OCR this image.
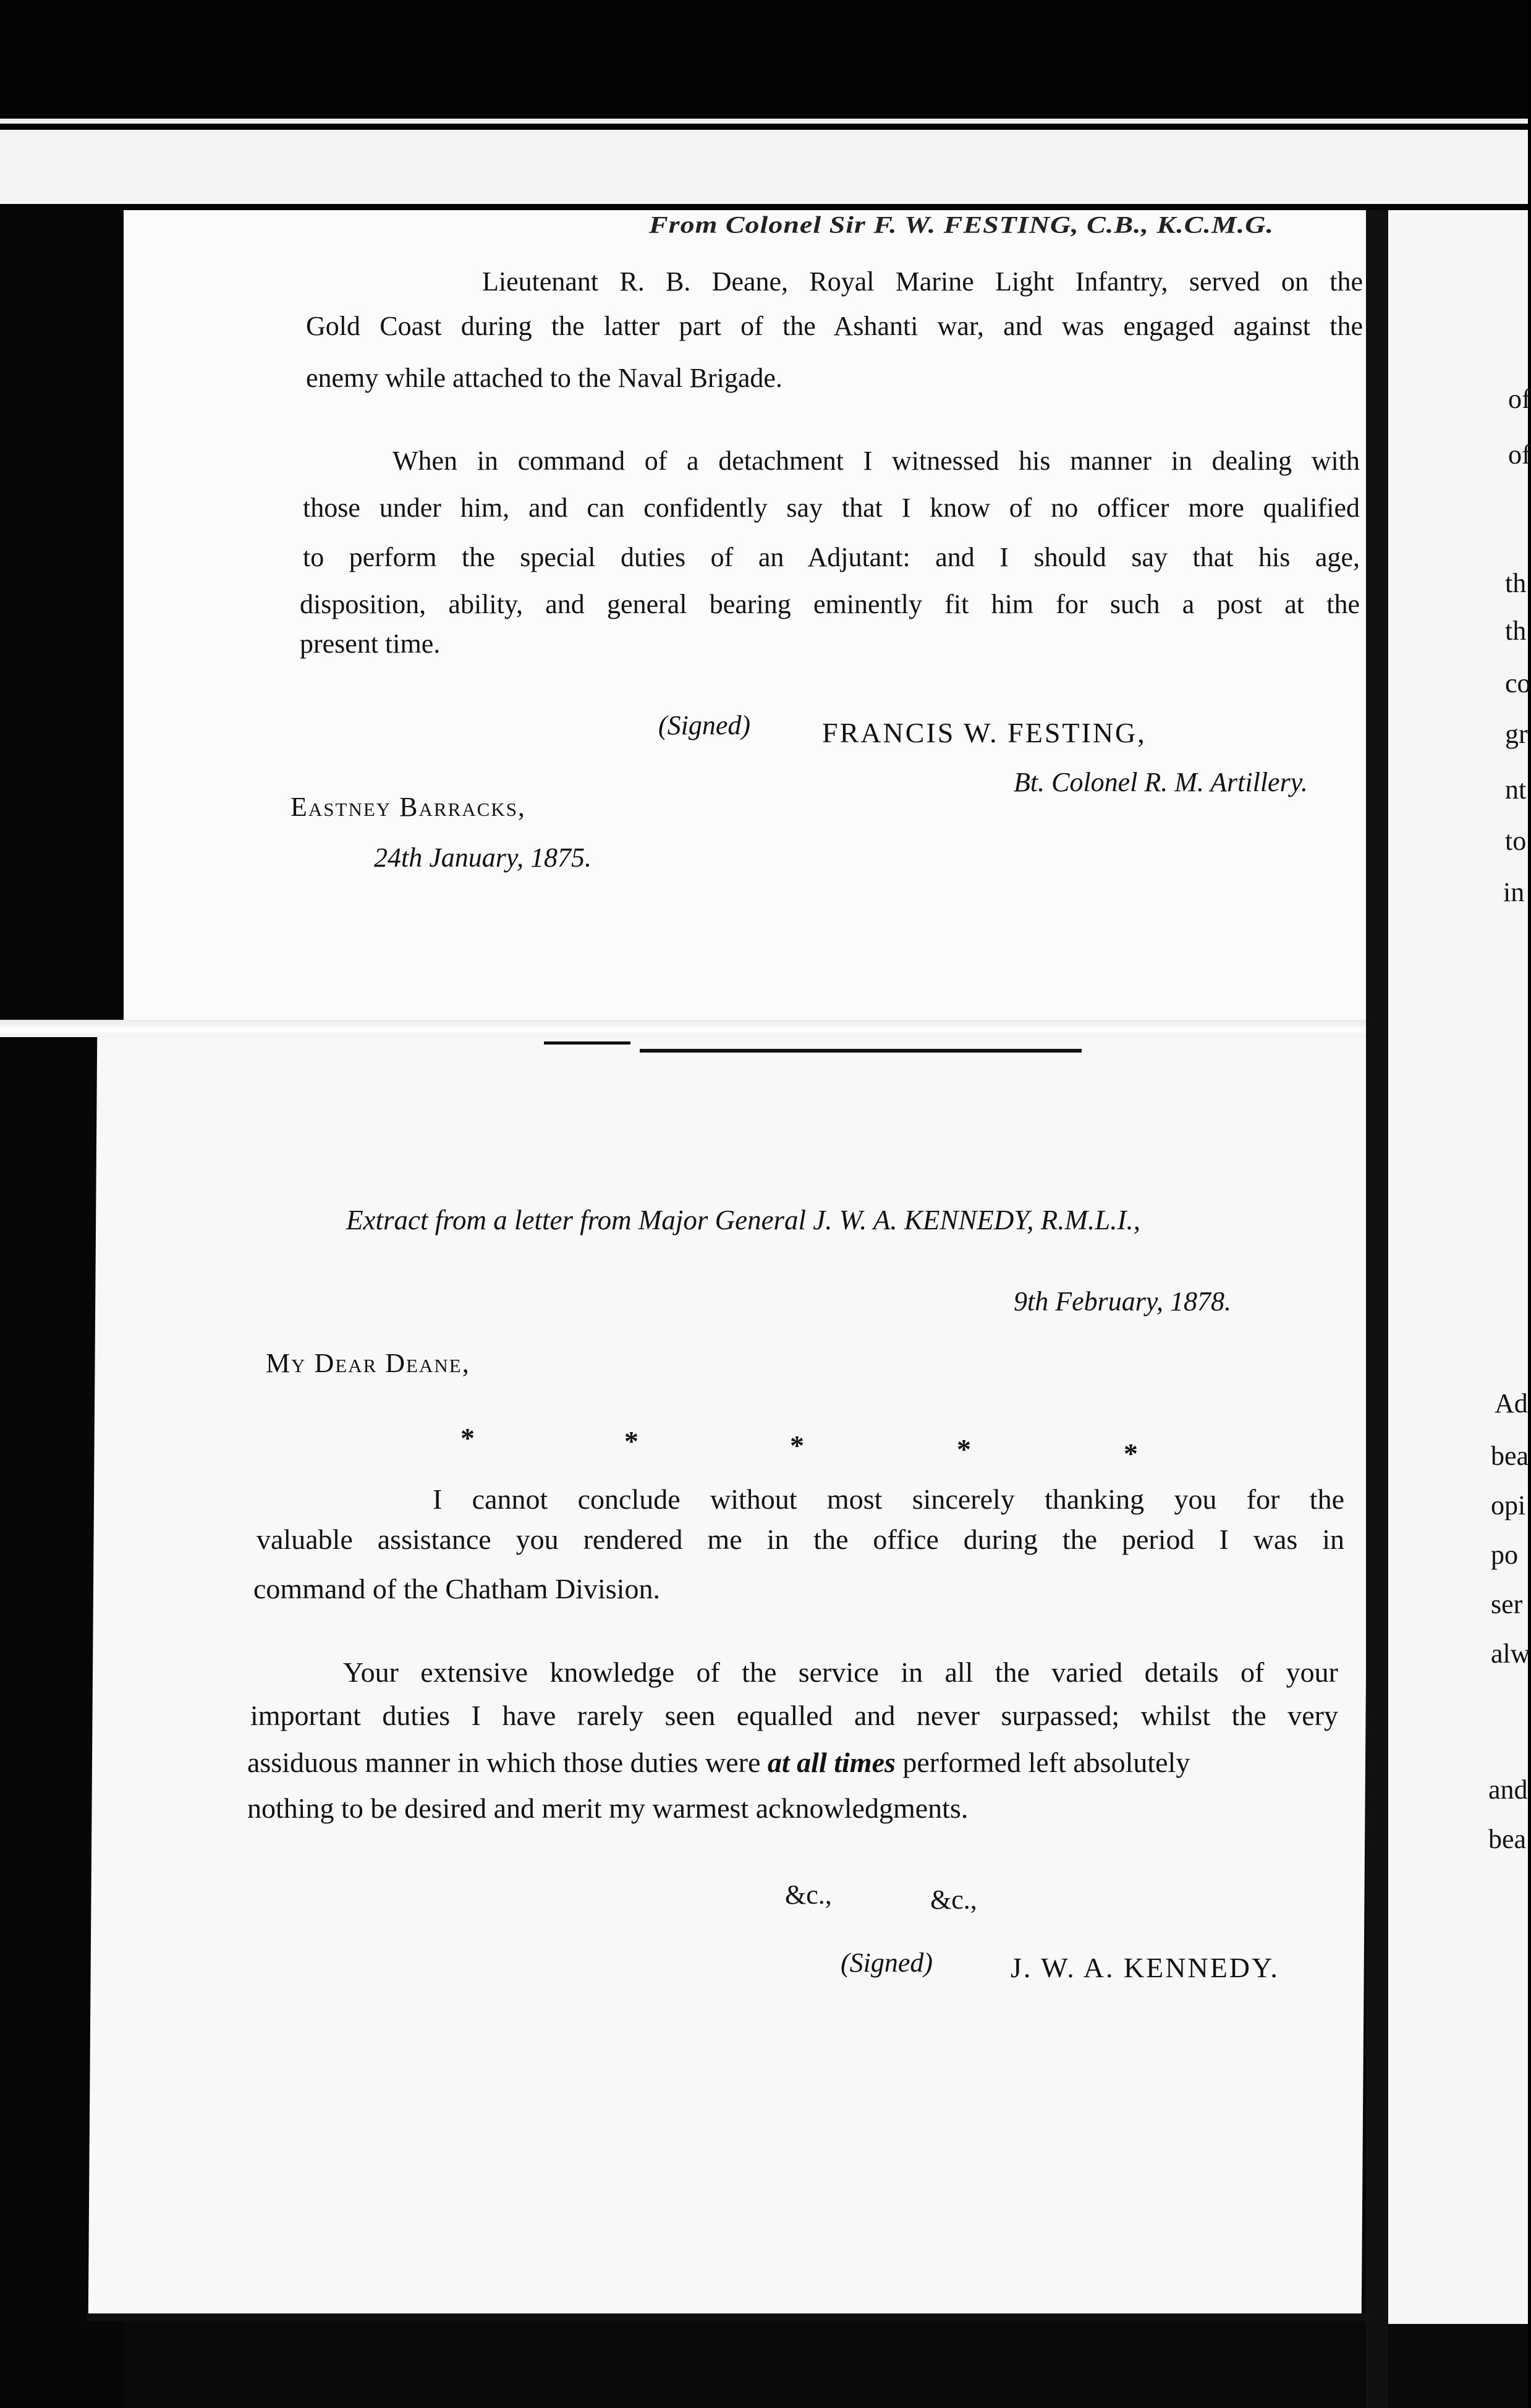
From Colonel Sir F. W. FESTING, C.B., K.C.M.G.
Lieutenant R. B. Deane, Royal Marine Light Infantry, served on the
Gold Coast during the latter part of the Ashanti war, and was engaged against the
enemy while attached to the Naval Brigade.
When in command of a detachment I witnessed his manner in dealing with
those under him, and can confidently say that I know of no officer more qualified
to perform the special duties of an Adjutant: and I should say that his age,
disposition, ability, and general bearing eminently fit him for such a post at the
present time.
(Signed)	FRANCIS W. FESTING,
Bt. Colonel R. M. Artillery.
Eastney Barracks,
24th January, 1875.
Extract from a letter from Major General J. W. A. KENNEDY, R.M.L.I.,
9th February, 1878.
My Dear Deane,
*	*	*	*	*
I cannot conclude without most sincerely thanking you for the
valuable assistance you rendered me in the office during the period I was in
command of the Chatham Division.
Your extensive knowledge of the service in all the varied details of your
important duties I have rarely seen equalled and never surpassed; whilst the very
assiduous manner in which those duties were at all times performed left absolutely
nothing to be desired and merit my warmest acknowledgments.
&c.,	&c.,
(Signed)	J. W. A. KENNEDY.
of
of
th
th
co
gr
nt
to
in
Ad
bea
opi
po
ser
alw
and
bea
